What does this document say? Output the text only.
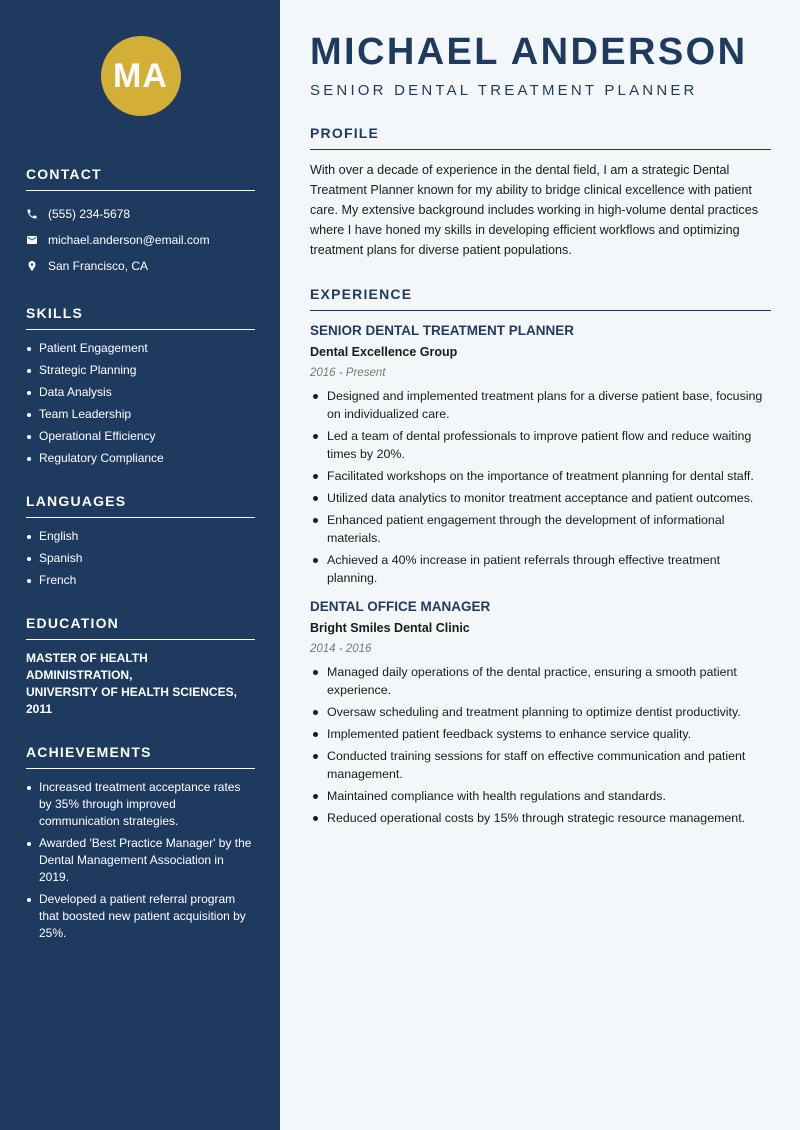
MA
CONTACT
(555) 234-5678
michael.anderson@email.com
San Francisco, CA
SKILLS
Patient Engagement
Strategic Planning
Data Analysis
Team Leadership
Operational Efficiency
Regulatory Compliance
LANGUAGES
English
Spanish
French
EDUCATION
MASTER OF HEALTH ADMINISTRATION,
UNIVERSITY OF HEALTH SCIENCES, 2011
ACHIEVEMENTS
Increased treatment acceptance rates by 35% through improved communication strategies.
Awarded 'Best Practice Manager' by the Dental Management Association in 2019.
Developed a patient referral program that boosted new patient acquisition by 25%.
MICHAEL ANDERSON
SENIOR DENTAL TREATMENT PLANNER
PROFILE
With over a decade of experience in the dental field, I am a strategic Dental Treatment Planner known for my ability to bridge clinical excellence with patient care. My extensive background includes working in high-volume dental practices where I have honed my skills in developing efficient workflows and optimizing treatment plans for diverse patient populations.
EXPERIENCE
SENIOR DENTAL TREATMENT PLANNER
Dental Excellence Group
2016 - Present
Designed and implemented treatment plans for a diverse patient base, focusing on individualized care.
Led a team of dental professionals to improve patient flow and reduce waiting times by 20%.
Facilitated workshops on the importance of treatment planning for dental staff.
Utilized data analytics to monitor treatment acceptance and patient outcomes.
Enhanced patient engagement through the development of informational materials.
Achieved a 40% increase in patient referrals through effective treatment planning.
DENTAL OFFICE MANAGER
Bright Smiles Dental Clinic
2014 - 2016
Managed daily operations of the dental practice, ensuring a smooth patient experience.
Oversaw scheduling and treatment planning to optimize dentist productivity.
Implemented patient feedback systems to enhance service quality.
Conducted training sessions for staff on effective communication and patient management.
Maintained compliance with health regulations and standards.
Reduced operational costs by 15% through strategic resource management.
